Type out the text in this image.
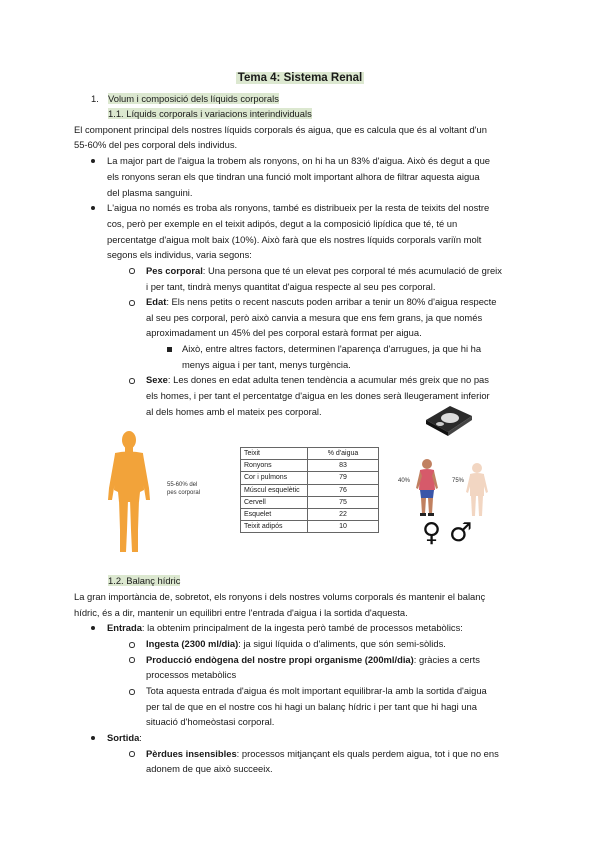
Tema 4: Sistema Renal
1. Volum i composició dels líquids corporals
1.1. Líquids corporals i variacions interindividuals
El component principal dels nostres líquids corporals és aigua, que es calcula que és al voltant d'un
55-60% del pes corporal dels individus.
La major part de l'aigua la trobem als ronyons, on hi ha un 83% d'aigua. Això és degut a que
els ronyons seran els que tindran una funció molt important alhora de filtrar aquesta aigua
del plasma sanguini.
L'aigua no només es troba als ronyons, també es distribueix per la resta de teixits del nostre
cos, però per exemple en el teixit adipós, degut a la composició lipídica que té, té un
percentatge d'aigua molt baix (10%). Això farà que els nostres líquids corporals variïn molt
segons els individus, varia segons:
Pes corporal: Una persona que té un elevat pes corporal té més acumulació de greix
i per tant, tindrà menys quantitat d'aigua respecte al seu pes corporal.
Edat: Els nens petits o recent nascuts poden arribar a tenir un 80% d'aigua respecte
al seu pes corporal, però això canvia a mesura que ens fem grans, ja que només
aproximadament un 45% del pes corporal estarà format per aigua.
Això, entre altres factors, determinen l'aparença d'arrugues, ja que hi ha
menys aigua i per tant, menys turgència.
Sexe: Les dones en edat adulta tenen tendència a acumular més greix que no pas
els homes, i per tant el percentatge d'aigua en les dones serà lleugerament inferior
al dels homes amb el mateix pes corporal.
55-60% del
pes corporal
Teixit	% d'aigua
Ronyons	83
Cor i pulmons	79
Múscul esquelètic	76
Cervell	75
Esquelet	22
Teixit adipós	10
40%	75%
♀ ♂
1.2. Balanç hídric
La gran importància de, sobretot, els ronyons i dels nostres volums corporals és mantenir el balanç
hídric, és a dir, mantenir un equilibri entre l'entrada d'aigua i la sortida d'aquesta.
Entrada: la obtenim principalment de la ingesta però també de processos metabòlics:
Ingesta (2300 ml/dia): ja sigui líquida o d'aliments, que són semi-sòlids.
Producció endògena del nostre propi organisme (200ml/dia): gràcies a certs
processos metabòlics
Tota aquesta entrada d'aigua és molt important equilibrar-la amb la sortida d'aigua
per tal de que en el nostre cos hi hagi un balanç hídric i per tant que hi hagi una
situació d'homeòstasi corporal.
Sortida:
Pèrdues insensibles: processos mitjançant els quals perdem aigua, tot i que no ens
adonem de que això succeeix.
